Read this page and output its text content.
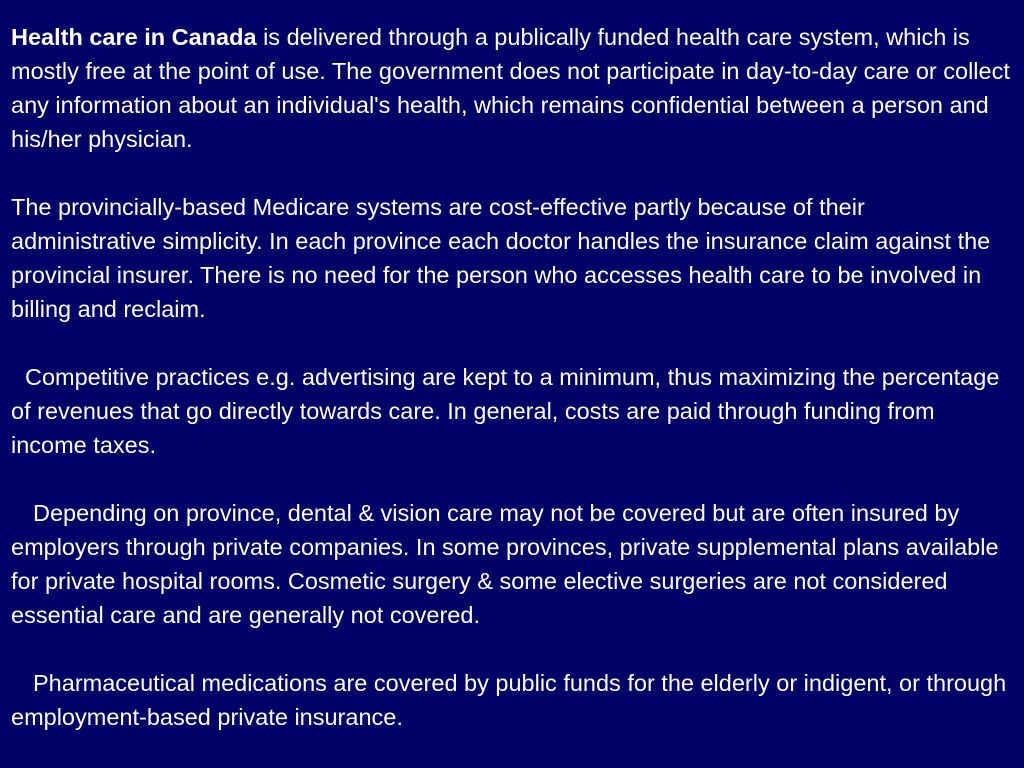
Health care in Canada is delivered through a publically funded health care system, which is mostly free at the point of use. The government does not participate in day-to-day care or collect any information about an individual's health, which remains confidential between a person and his/her physician.

The provincially-based Medicare systems are cost-effective partly because of their administrative simplicity. In each province each doctor handles the insurance claim against the provincial insurer. There is no need for the person who accesses health care to be involved in billing and reclaim.

Competitive practices e.g. advertising are kept to a minimum, thus maximizing the percentage of revenues that go directly towards care. In general, costs are paid through funding from income taxes.

Depending on province, dental & vision care may not be covered but are often insured by employers through private companies. In some provinces, private supplemental plans available for private hospital rooms. Cosmetic surgery & some elective surgeries are not considered essential care and are generally not covered.

Pharmaceutical medications are covered by public funds for the elderly or indigent, or through employment-based private insurance.
